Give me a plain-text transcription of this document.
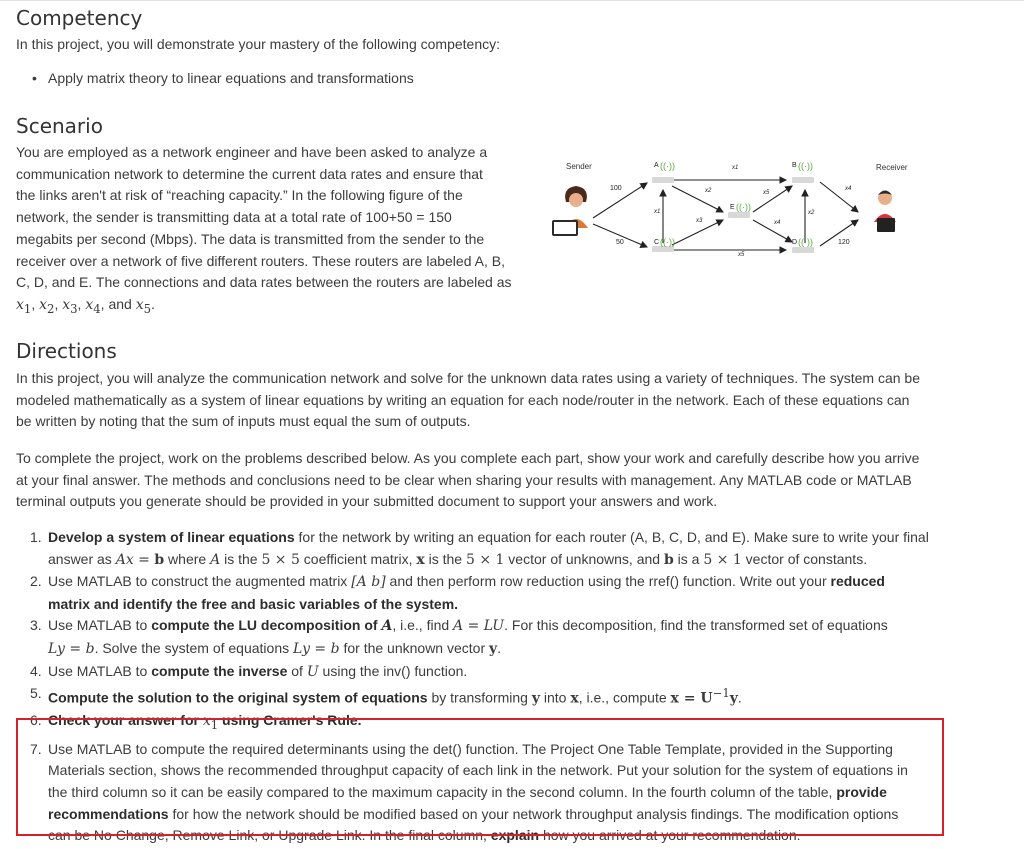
Competency

In this project, you will demonstrate your mastery of the following competency:

• Apply matrix theory to linear equations and transformations
Scenario
You are employed as a network engineer and have been asked to analyze a
communication network to determine the current data rates and ensure that
the links aren't at risk of “reaching capacity.” In the following figure of the
network, the sender is transmitting data at a total rate of 100+50 = 150
megabits per second (Mbps). The data is transmitted from the sender to the
receiver over a network of five different routers. These routers are labeled A, B,
C, D, and E. The connections and data rates between the routers are labeled as
$x_1$, $x_2$, $x_3$, $x_4$, and $x_5$.
Sender	Receiver
A ((·))	B ((·))
C ((·))	D ((·))
E ((·))
100
50	120
x1
x1
x2
x2
x3
x4
x4
x5
x5
Directions
In this project, you will analyze the communication network and solve for the unknown data rates using a variety of techniques. The system can be
modeled mathematically as a system of linear equations by writing an equation for each node/router in the network. Each of these equations can
be written by noting that the sum of inputs must equal the sum of outputs.
To complete the project, work on the problems described below. As you complete each part, show your work and carefully describe how you arrive
at your final answer. The methods and conclusions need to be clear when sharing your results with management. Any MATLAB code or MATLAB
terminal outputs you generate should be provided in your submitted document to support your answers and work.
1. Develop a system of linear equations for the network by writing an equation for each router (A, B, C, D, and E). Make sure to write your final
answer as Ax = b where A is the 5 × 5 coefficient matrix, x is the 5 × 1 vector of unknowns, and b is a 5 × 1 vector of constants.
2. Use MATLAB to construct the augmented matrix [A b] and then perform row reduction using the rref() function. Write out your reduced
matrix and identify the free and basic variables of the system.
3. Use MATLAB to compute the LU decomposition of A, i.e., find A = LU. For this decomposition, find the transformed set of equations
Ly = b. Solve the system of equations Ly = b for the unknown vector y.
4. Use MATLAB to compute the inverse of U using the inv() function.
5. Compute the solution to the original system of equations by transforming y into x, i.e., compute $x = U^{-1}y$.
6. Check your answer for $x_1$ using Cramer's Rule.
7. Use MATLAB to compute the required determinants using the det() function. The Project One Table Template, provided in the Supporting
Materials section, shows the recommended throughput capacity of each link in the network. Put your solution for the system of equations in
the third column so it can be easily compared to the maximum capacity in the second column. In the fourth column of the table, provide
recommendations for how the network should be modified based on your network throughput analysis findings. The modification options
can be No Change, Remove Link, or Upgrade Link. In the final column, explain how you arrived at your recommendation.
